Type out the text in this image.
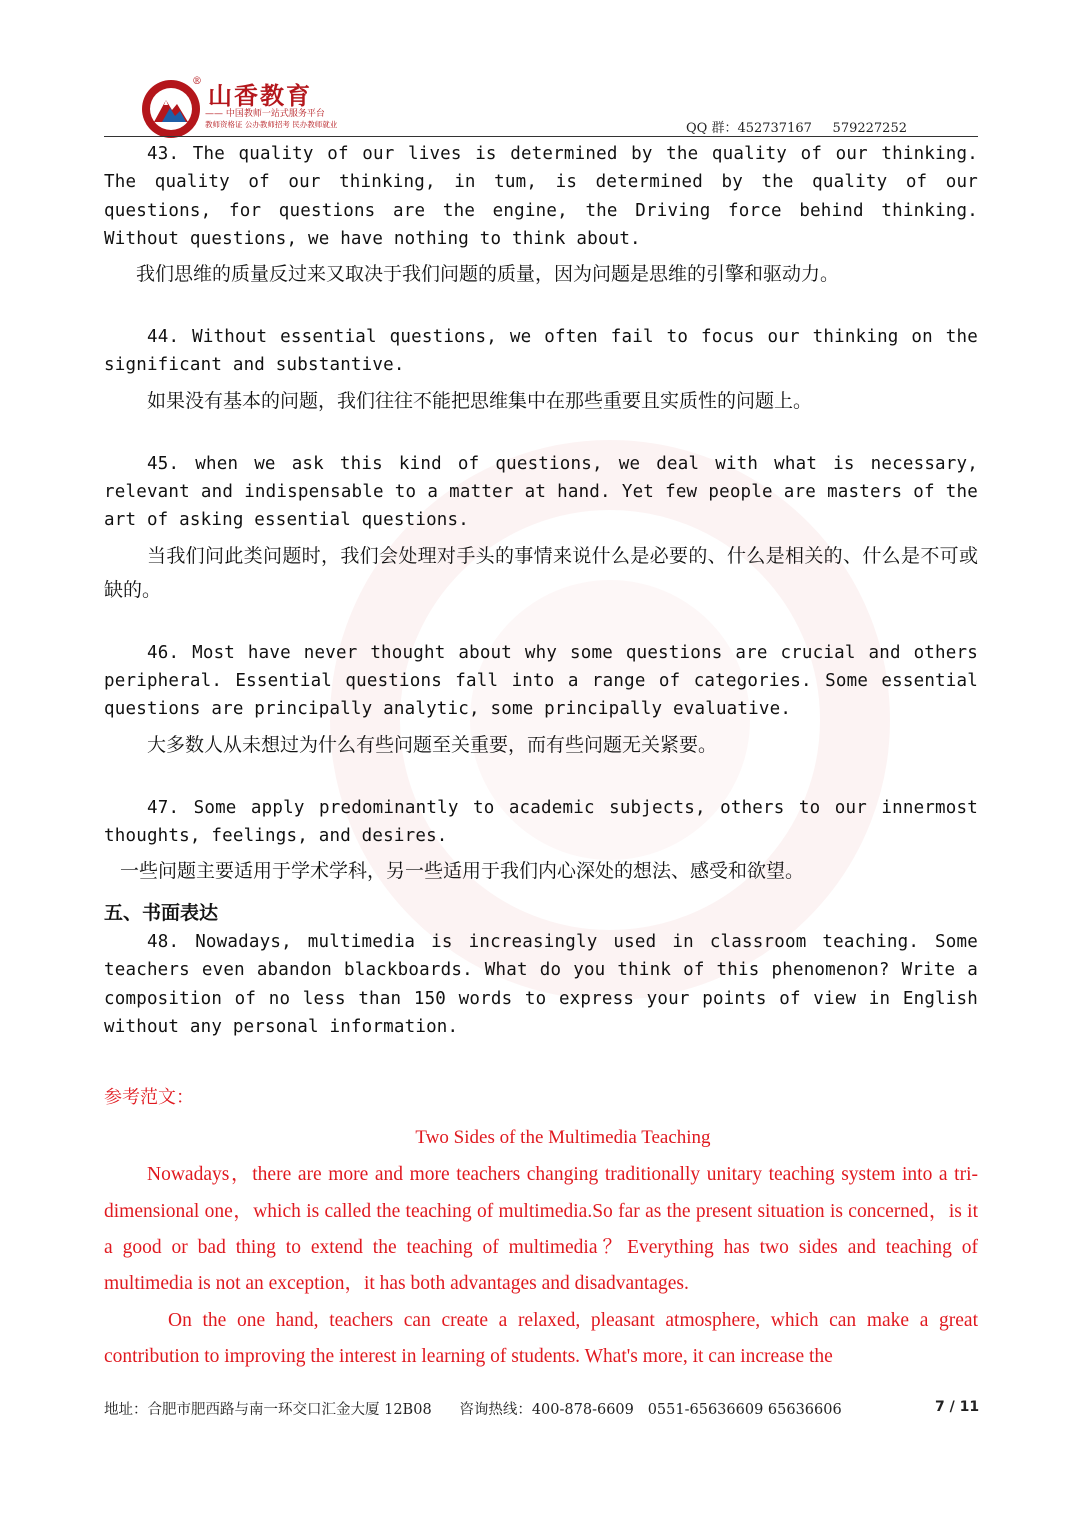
®
山香教育
—— 中国教师一站式服务平台
教师资格证 公办教师招考 民办教师就业	QQ 群：452737167     579227252

43. The quality of our lives is determined by the quality of our thinking. The quality of our thinking, in tum, is determined by the quality of our questions, for questions are the engine, the Driving force behind thinking. Without questions, we have nothing to think about.

我们思维的质量反过来又取决于我们问题的质量，因为问题是思维的引擎和驱动力。

44. Without essential questions, we often fail to focus our thinking on the significant and substantive.

如果没有基本的问题，我们往往不能把思维集中在那些重要且实质性的问题上。

45. when we ask this kind of questions, we deal with what is necessary, relevant and indispensable to a matter at hand. Yet few people are masters of the art of asking essential questions.

当我们问此类问题时，我们会处理对手头的事情来说什么是必要的、什么是相关的、什么是不可或缺的。

46. Most have never thought about why some questions are crucial and others peripheral. Essential questions fall into a range of categories. Some essential questions are principally analytic, some principally evaluative.

大多数人从未想过为什么有些问题至关重要，而有些问题无关紧要。

47. Some apply predominantly to academic subjects, others to our innermost thoughts, feelings, and desires.

一些问题主要适用于学术学科，另一些适用于我们内心深处的想法、感受和欲望。

五、书面表达

48. Nowadays, multimedia is increasingly used in classroom teaching. Some teachers even abandon blackboards. What do you think of this phenomenon? Write a composition of no less than 150 words to express your points of view in English without any personal information.

参考范文：

Two Sides of the Multimedia Teaching

Nowadays，there are more and more teachers changing traditionally unitary teaching system into a tri-dimensional one，which is called the teaching of multimedia.So far as the present situation is concerned，is it a good or bad thing to extend the teaching of multimedia？Everything has two sides and teaching of multimedia is not an exception，it has both advantages and disadvantages.

On the one hand, teachers can create a relaxed, pleasant atmosphere, which can make a great contribution to improving the interest in learning of students. What's more, it can increase the

地址：合肥市肥西路与南一环交口汇金大厦 12B08      咨询热线：400-878-6609   0551-65636609 65636606	7 / 11
